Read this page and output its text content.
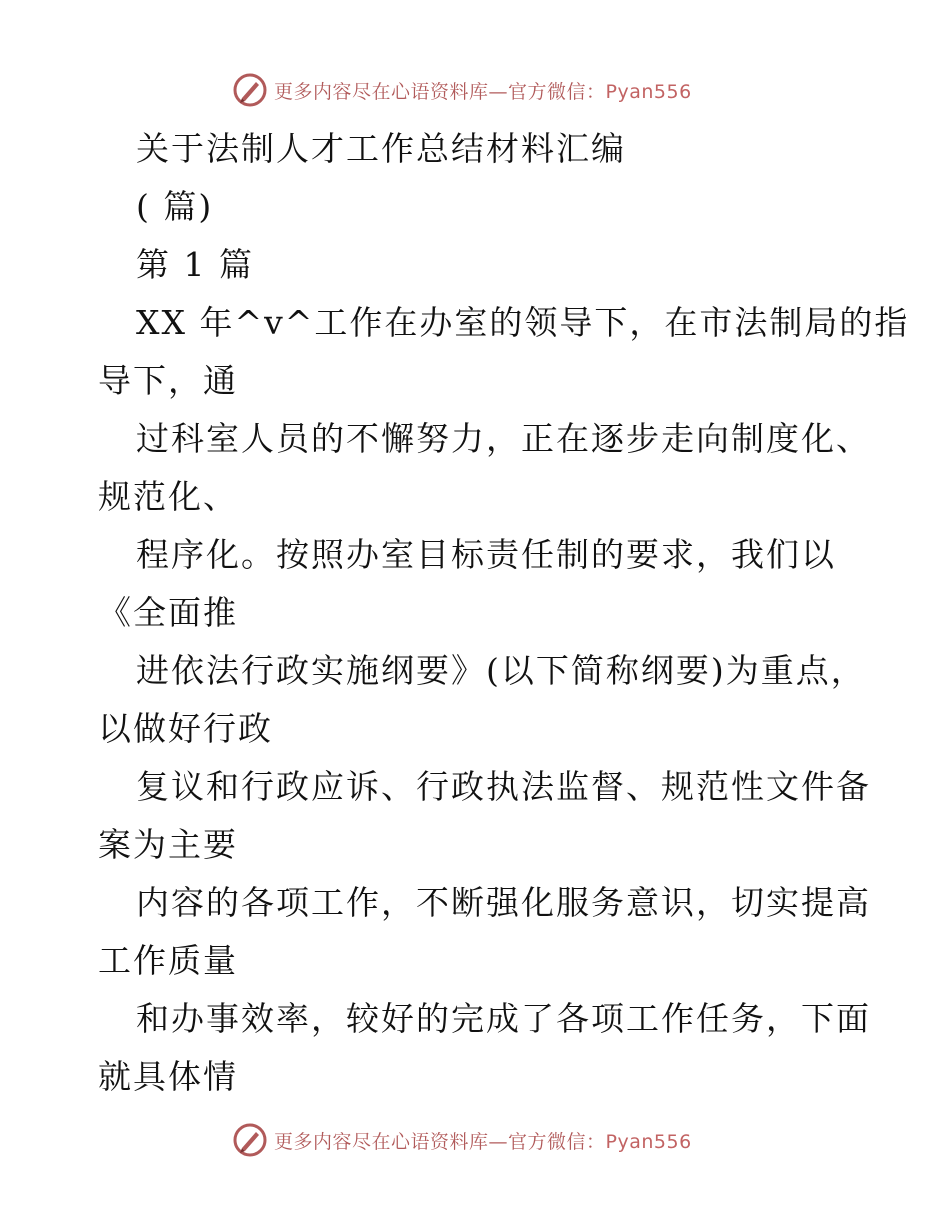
更多内容尽在心语资料库—官方微信：Pyan556
关于法制人才工作总结材料汇编
( 篇)
第 1 篇
XX 年^v^工作在办室的领导下，在市法制局的指
导下，通
过科室人员的不懈努力，正在逐步走向制度化、
规范化、
程序化。按照办室目标责任制的要求，我们以
《全面推
进依法行政实施纲要》(以下简称纲要)为重点，
以做好行政
复议和行政应诉、行政执法监督、规范性文件备
案为主要
内容的各项工作，不断强化服务意识，切实提高
工作质量
和办事效率，较好的完成了各项工作任务，下面
就具体情
更多内容尽在心语资料库—官方微信：Pyan556
